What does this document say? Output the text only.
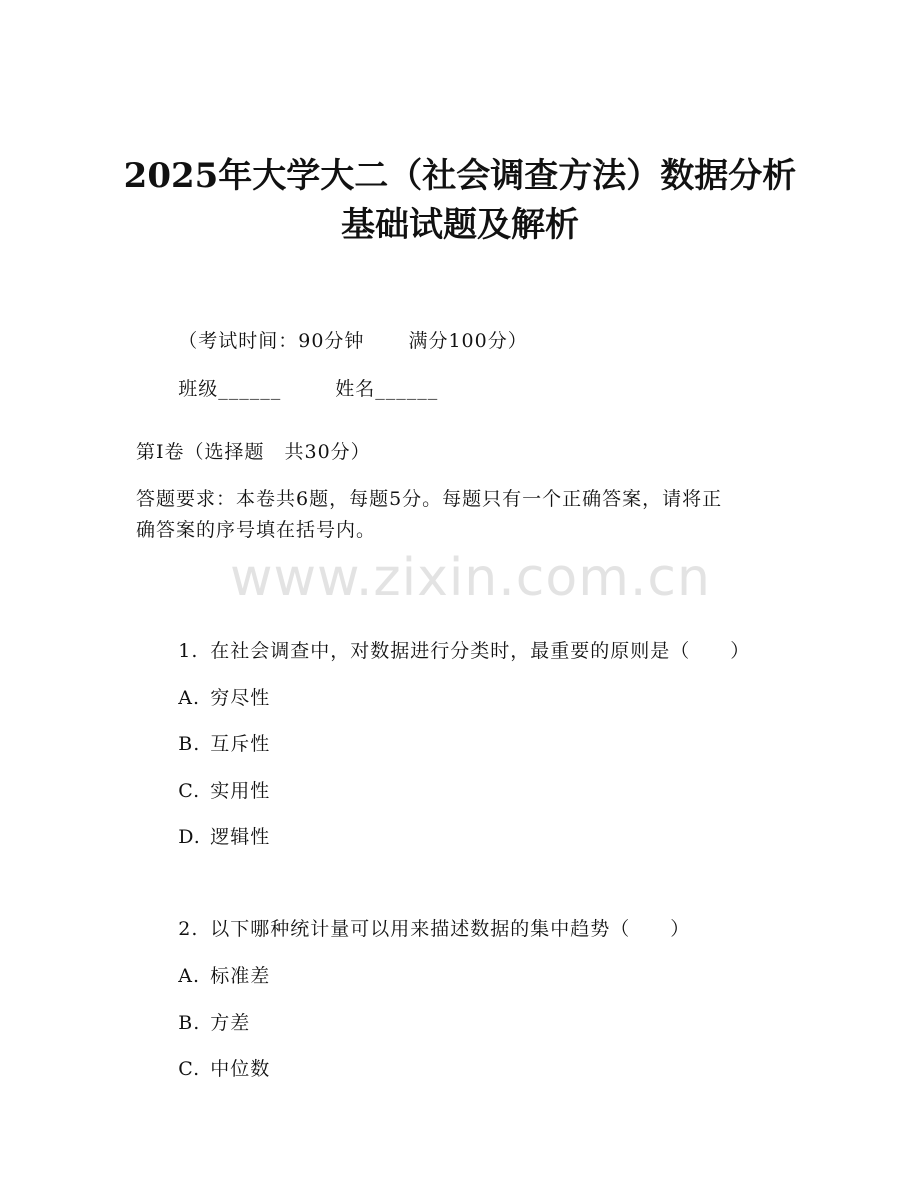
www.zixin.com.cn
2025年大学大二（社会调查方法）数据分析
基础试题及解析

（考试时间：90分钟 满分100分）

班级______	姓名______

第I卷（选择题　共30分）
答题要求：本卷共6题，每题5分。每题只有一个正确答案，请将正
确答案的序号填在括号内。

1. 在社会调查中，对数据进行分类时，最重要的原则是（　　）

A. 穷尽性

B. 互斥性

C. 实用性

D. 逻辑性

2. 以下哪种统计量可以用来描述数据的集中趋势（　　）

A. 标准差

B. 方差

C. 中位数
